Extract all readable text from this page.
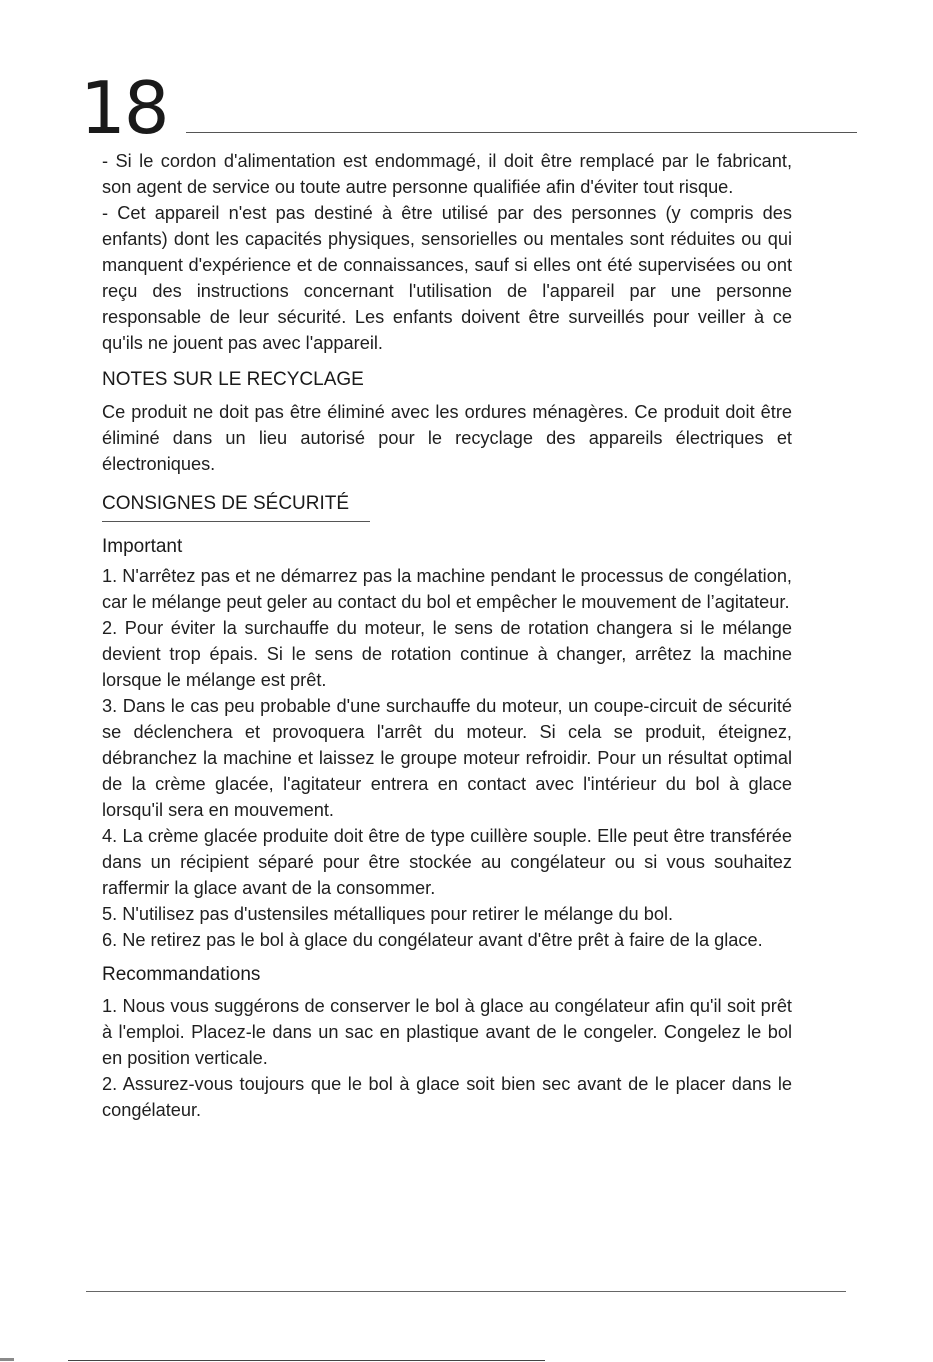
18

- Si le cordon d'alimentation est endommagé, il doit être remplacé par le fabricant, son agent de service ou toute autre personne qualifiée afin d'éviter tout risque.

- Cet appareil n'est pas destiné à être utilisé par des personnes (y compris des enfants) dont les capacités physiques, sensorielles ou mentales sont réduites ou qui manquent d'expérience et de connaissances, sauf si elles ont été supervisées ou ont reçu des instructions concernant l'utilisation de l'appareil par une personne responsable de leur sécurité. Les enfants doivent être surveillés pour veiller à ce qu'ils ne jouent pas avec l'appareil.

NOTES SUR LE RECYCLAGE

Ce produit ne doit pas être éliminé avec les ordures ménagères. Ce produit doit être éliminé dans un lieu autorisé pour le recyclage des appareils électriques et électroniques.

CONSIGNES DE SÉCURITÉ
Important

1. N'arrêtez pas et ne démarrez pas la machine pendant le processus de congélation, car le mélange peut geler au contact du bol et empêcher le mouvement de l’agitateur.

2. Pour éviter la surchauffe du moteur, le sens de rotation changera si le mélange devient trop épais. Si le sens de rotation continue à changer, arrêtez la machine lorsque le mélange est prêt.

3. Dans le cas peu probable d'une surchauffe du moteur, un coupe-circuit de sécurité se déclenchera et provoquera l'arrêt du moteur. Si cela se produit, éteignez, débranchez la machine et laissez le groupe moteur refroidir. Pour un résultat optimal de la crème glacée, l'agitateur entrera en contact avec l'intérieur du bol à glace lorsqu'il sera en mouvement.

4. La crème glacée produite doit être de type cuillère souple. Elle peut être transférée dans un récipient séparé pour être stockée au congélateur ou si vous souhaitez raffermir la glace avant de la consommer.

5. N'utilisez pas d'ustensiles métalliques pour retirer le mélange du bol.

6. Ne retirez pas le bol à glace du congélateur avant d'être prêt à faire de la glace.

Recommandations

1. Nous vous suggérons de conserver le bol à glace au congélateur afin qu'il soit prêt à l'emploi. Placez-le dans un sac en plastique avant de le congeler. Congelez le bol en position verticale.

2. Assurez-vous toujours que le bol à glace soit bien sec avant de le placer dans le congélateur.
